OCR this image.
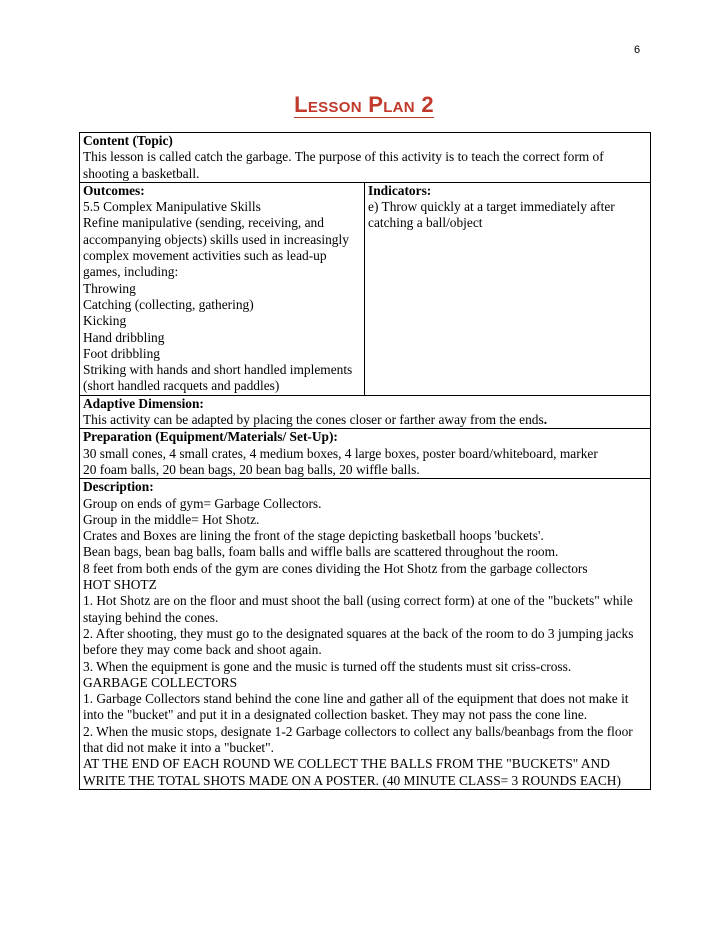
6
Lesson Plan 2
Content (Topic)
This lesson is called catch the garbage. The purpose of this activity is to teach the correct form of shooting a basketball.

Outcomes:
5.5 Complex Manipulative Skills
Refine manipulative (sending, receiving, and accompanying objects) skills used in increasingly complex movement activities such as lead-up games, including:
Throwing
Catching (collecting, gathering)
Kicking
Hand dribbling
Foot dribbling
Striking with hands and short handled implements (short handled racquets and paddles)

Indicators:
e) Throw quickly at a target immediately after catching a ball/object

Adaptive Dimension:
This activity can be adapted by placing the cones closer or farther away from the ends.

Preparation (Equipment/Materials/ Set-Up):
30 small cones, 4 small crates, 4 medium boxes, 4 large boxes, poster board/whiteboard, marker
20 foam balls, 20 bean bags, 20 bean bag balls, 20 wiffle balls.

Description:
Group on ends of gym= Garbage Collectors.
Group in the middle= Hot Shotz.
Crates and Boxes are lining the front of the stage depicting basketball hoops 'buckets'.
Bean bags, bean bag balls, foam balls and wiffle balls are scattered throughout the room.
8 feet from both ends of the gym are cones dividing the Hot Shotz from the garbage collectors
HOT SHOTZ
1. Hot Shotz are on the floor and must shoot the ball (using correct form) at one of the "buckets" while staying behind the cones.
2. After shooting, they must go to the designated squares at the back of the room to do 3 jumping jacks before they may come back and shoot again.
3. When the equipment is gone and the music is turned off the students must sit criss-cross.
GARBAGE COLLECTORS
1. Garbage Collectors stand behind the cone line and gather all of the equipment that does not make it into the "bucket" and put it in a designated collection basket. They may not pass the cone line.
2. When the music stops, designate 1-2 Garbage collectors to collect any balls/beanbags from the floor that did not make it into a "bucket".
AT THE END OF EACH ROUND WE COLLECT THE BALLS FROM THE "BUCKETS" AND WRITE THE TOTAL SHOTS MADE ON A POSTER. (40 MINUTE CLASS= 3 ROUNDS EACH)
